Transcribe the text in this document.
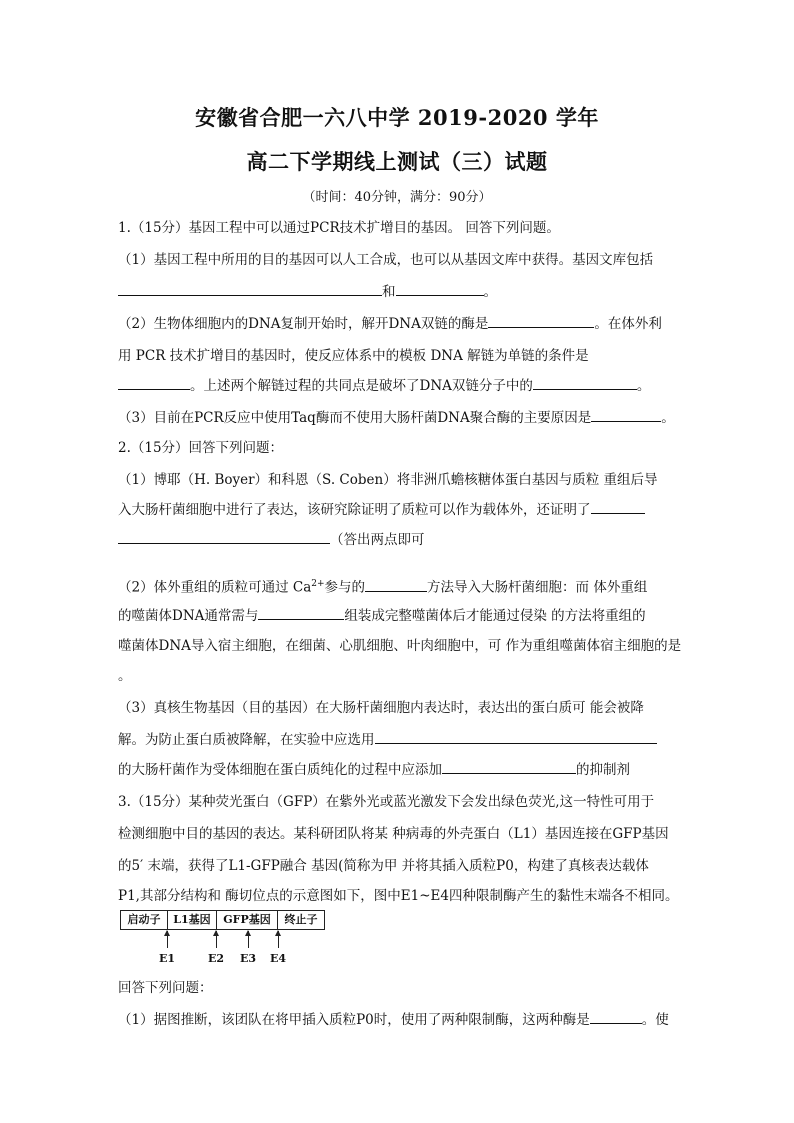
安徽省合肥一六八中学 2019-2020 学年
高二下学期线上测试（三）试题
（时间：40分钟，满分：90分）
1.（15分）基因工程中可以通过PCR技术扩增目的基因。 回答下列问题。
（1）基因工程中所用的目的基因可以人工合成，也可以从基因文库中获得。基因文库包括
和	。
（2）生物体细胞内的DNA复制开始时，解开DNA双链的酶是	。在体外利
用 PCR 技术扩增目的基因时，使反应体系中的模板 DNA 解链为单链的条件是
。上述两个解链过程的共同点是破坏了DNA双链分子中的	。
（3）目前在PCR反应中使用Taq酶而不使用大肠杆菌DNA聚合酶的主要原因是	。
2.（15分）回答下列问题：
（1）博耶（H. Boyer）和科恩（S. Coben）将非洲爪蟾核糖体蛋白基因与质粒 重组后导
入大肠杆菌细胞中进行了表达，该研究除证明了质粒可以作为载体外，还证明了
（答出两点即可
（2）体外重组的质粒可通过 $Ca^{2+}$参与的	方法导入大肠杆菌细胞：而 体外重组
的噬菌体DNA通常需与	组装成完整噬菌体后才能通过侵染 的方法将重组的
噬菌体DNA导入宿主细胞，在细菌、心肌细胞、叶肉细胞中，可 作为重组噬菌体宿主细胞的是
。
（3）真核生物基因（目的基因）在大肠杆菌细胞内表达时，表达出的蛋白质可 能会被降
解。为防止蛋白质被降解，在实验中应选用
的大肠杆菌作为受体细胞在蛋白质纯化的过程中应添加	的抑制剂
3.（15分）某种荧光蛋白（GFP）在紫外光或蓝光激发下会发出绿色荧光,这一特性可用于
检测细胞中目的基因的表达。某科研团队将某 种病毒的外壳蛋白（L1）基因连接在GFP基因
的5′ 末端，获得了L1-GFP融合 基因(简称为甲 并将其插入质粒P0，构建了真核表达载体
P1,其部分结构和 酶切位点的示意图如下，图中E1~E4四种限制酶产生的黏性末端各不相同。
启动子	L1基因	GFP基因	终止子
E1	E2	E3	E4
回答下列问题：
（1）据图推断，该团队在将甲插入质粒P0时，使用了两种限制酶，这两种酶是	。使
